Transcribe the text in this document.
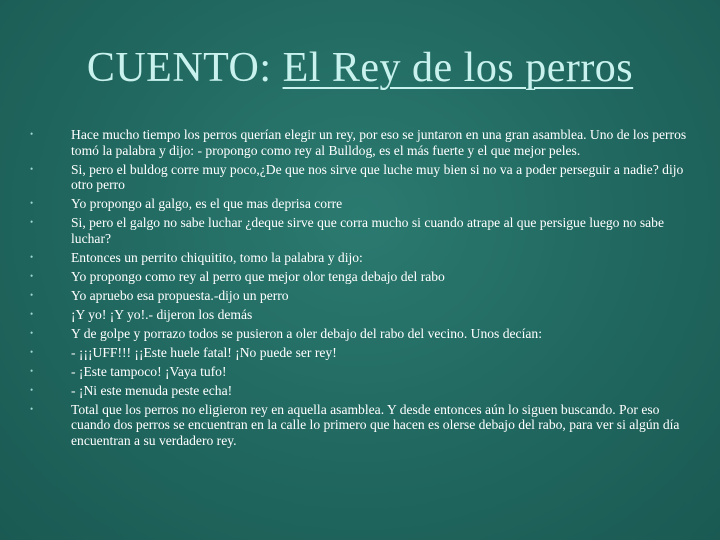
CUENTO: El Rey de los perros
•	Hace mucho tiempo los perros querían elegir un rey, por eso se juntaron en una gran asamblea. Uno de los perros tomó la palabra y dijo: - propongo como rey al Bulldog, es el más fuerte y el que mejor peles.
•	Si, pero el buldog corre muy poco,¿De que nos sirve que luche muy bien si no va a poder perseguir a nadie? dijo otro perro
•	Yo propongo al galgo, es el que mas deprisa corre
•	Si, pero el galgo no sabe luchar ¿deque sirve que corra mucho si cuando atrape al que persigue luego no sabe luchar?
•	Entonces un perrito chiquitito, tomo la palabra y dijo:
•	Yo propongo como rey al perro que mejor olor tenga debajo del rabo
•	Yo apruebo esa propuesta.-dijo un perro
•	¡Y yo! ¡Y yo!.- dijeron los demás
•	Y de golpe y porrazo todos se pusieron a oler debajo del rabo del vecino. Unos decían:
•	- ¡¡¡UFF!!! ¡¡Este huele fatal! ¡No puede ser rey!
•	- ¡Este tampoco! ¡Vaya tufo!
•	- ¡Ni este menuda peste echa!
•	Total que los perros no eligieron rey en aquella asamblea. Y desde entonces aún lo siguen buscando. Por eso cuando dos perros se encuentran en la calle lo primero que hacen es olerse debajo del rabo, para ver si algún día encuentran a su verdadero rey.
